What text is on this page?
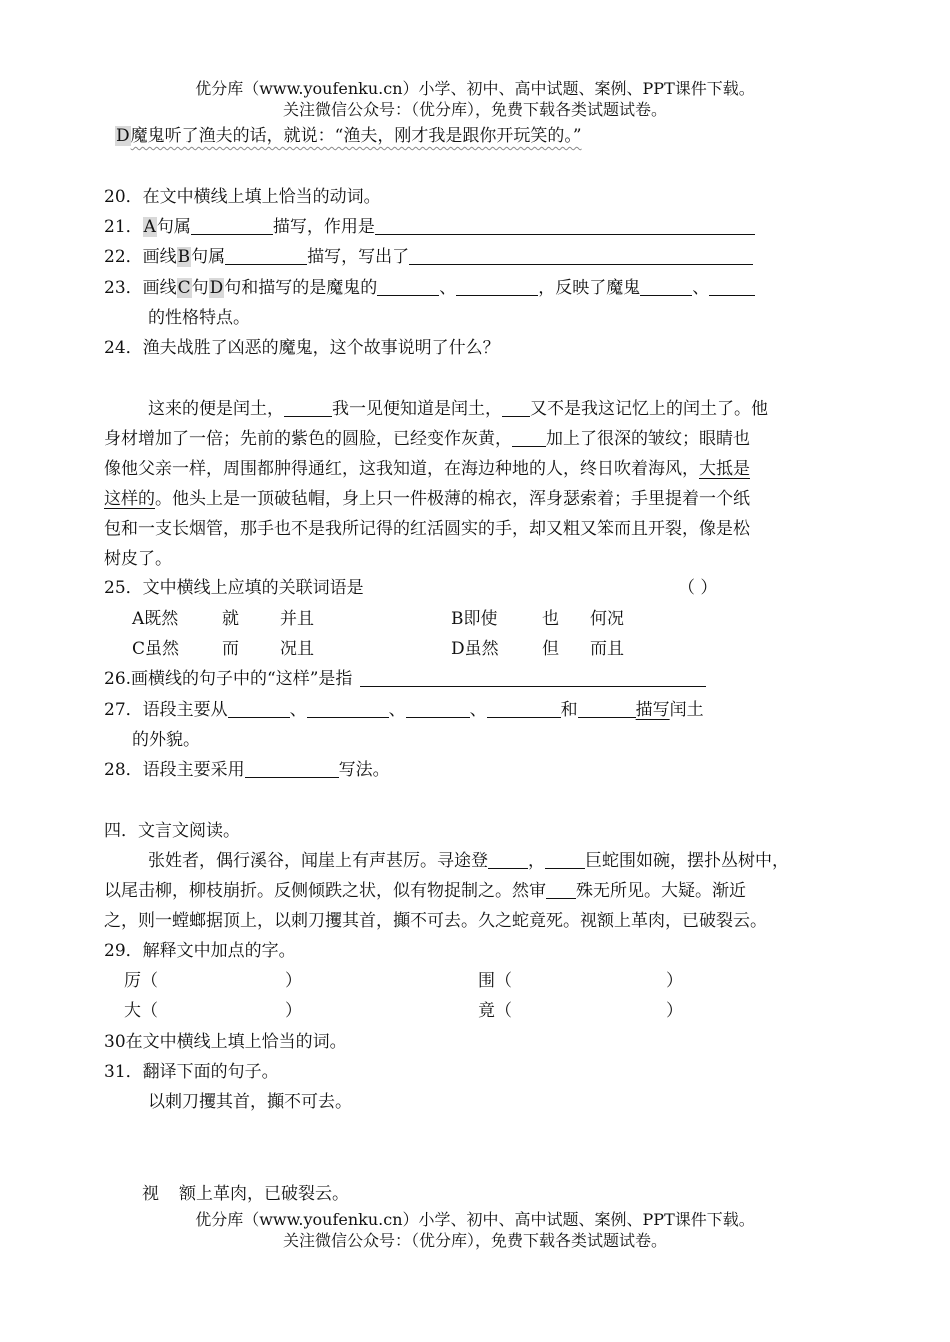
优分库（www.youfenku.cn）小学、初中、高中试题、案例、PPT课件下载。
关注微信公众号：（优分库），免费下载各类试题试卷。
D魔鬼听了渔夫的话，就说：“渔夫，刚才我是跟你开玩笑的。”
20．在文中横线上填上恰当的动词。
21．A句属	描写，作用是
22．画线B句属	描写，写出了
23．画线C句D句和描写的是魔鬼的	、	，反映了魔鬼	、
的性格特点。
24．渔夫战胜了凶恶的魔鬼，这个故事说明了什么？
这来的便是闰土，	我一见便知道是闰土， 又不是我这记忆上的闰土了。他
身材增加了一倍；先前的紫色的圆脸，已经变作灰黄， 加上了很深的皱纹；眼睛也
像他父亲一样，周围都肿得通红，这我知道，在海边种地的人，终日吹着海风，大抵是
这样的。他头上是一顶破毡帽，身上只一件极薄的棉衣，浑身瑟索着；手里提着一个纸
包和一支长烟管，那手也不是我所记得的红活圆实的手，却又粗又笨而且开裂，像是松
树皮了。
25．文中横线上应填的关联词语是	（ ）
A既然	就 并且	B即使	也 何况
C虽然	而 况且	D虽然	但 而且
26.画横线的句子中的“这样”是指
27．语段主要从	、	、	、	和	描写闰土
的外貌。
28．语段主要采用	写法。
四．文言文阅读。
张姓者，偶行溪谷，闻崖上有声甚厉。寻途登 ， 巨蛇围如碗，摆扑丛树中，
以尾击柳，柳枝崩折。反侧倾跌之状，似有物捉制之。然审 殊无所见。大疑。渐近
之，则一螳螂据顶上，以刺刀攫其首，攧不可去。久之蛇竟死。视额上革肉，已破裂云。
29．解释文中加点的字。
厉（	）	围（	）
大（	）	竟（	）
30在文中横线上填上恰当的词。
31．翻译下面的句子。
以刺刀攫其首，攧不可去。
视 额上革肉，已破裂云。
优分库（www.youfenku.cn）小学、初中、高中试题、案例、PPT课件下载。
关注微信公众号：（优分库），免费下载各类试题试卷。
